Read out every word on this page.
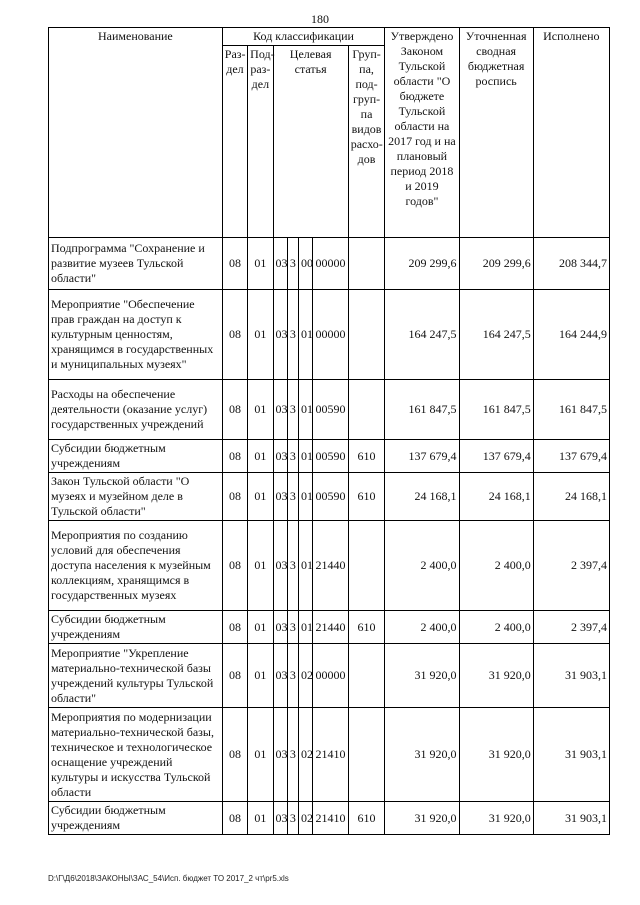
180
Наименование	Код классификации							Утверждено Законом Тульской области "О бюджете Тульской области на 2017 год и на плановый период 2018 и 2019 годов"	Уточненная сводная бюджетная роспись	Исполнено
	Раз-дел	Под-раз-дел	Целевая статья				Груп-па, под-груп-па видов расхо-дов			
Подпрограмма "Сохранение и развитие музеев Тульской области"	08	01	03	3	00	00000		209 299,6	209 299,6	208 344,7
Мероприятие "Обеспечение прав граждан на доступ к культурным ценностям, хранящимся в государственных и муниципальных музеях"	08	01	03	3	01	00000		164 247,5	164 247,5	164 244,9
Расходы на обеспечение деятельности (оказание услуг) государственных учреждений	08	01	03	3	01	00590		161 847,5	161 847,5	161 847,5
Субсидии бюджетным учреждениям	08	01	03	3	01	00590	610	137 679,4	137 679,4	137 679,4
Закон Тульской области "О музеях и музейном деле в Тульской области"	08	01	03	3	01	00590	610	24 168,1	24 168,1	24 168,1
Мероприятия по созданию условий для обеспечения доступа населения к музейным коллекциям, хранящимся в государственных музеях	08	01	03	3	01	21440		2 400,0	2 400,0	2 397,4
Субсидии бюджетным учреждениям	08	01	03	3	01	21440	610	2 400,0	2 400,0	2 397,4
Мероприятие "Укрепление материально-технической базы учреждений культуры Тульской области"	08	01	03	3	02	00000		31 920,0	31 920,0	31 903,1
Мероприятия по модернизации материально-технической базы, техническое и технологическое оснащение учреждений культуры и искусства Тульской области	08	01	03	3	02	21410		31 920,0	31 920,0	31 903,1
Субсидии бюджетным учреждениям	08	01	03	3	02	21410	610	31 920,0	31 920,0	31 903,1
D:\Г\Д6\2018\ЗАКОНЫ\ЗАС_54\Исп. бюджет ТО 2017_2 чт\pr5.xls
